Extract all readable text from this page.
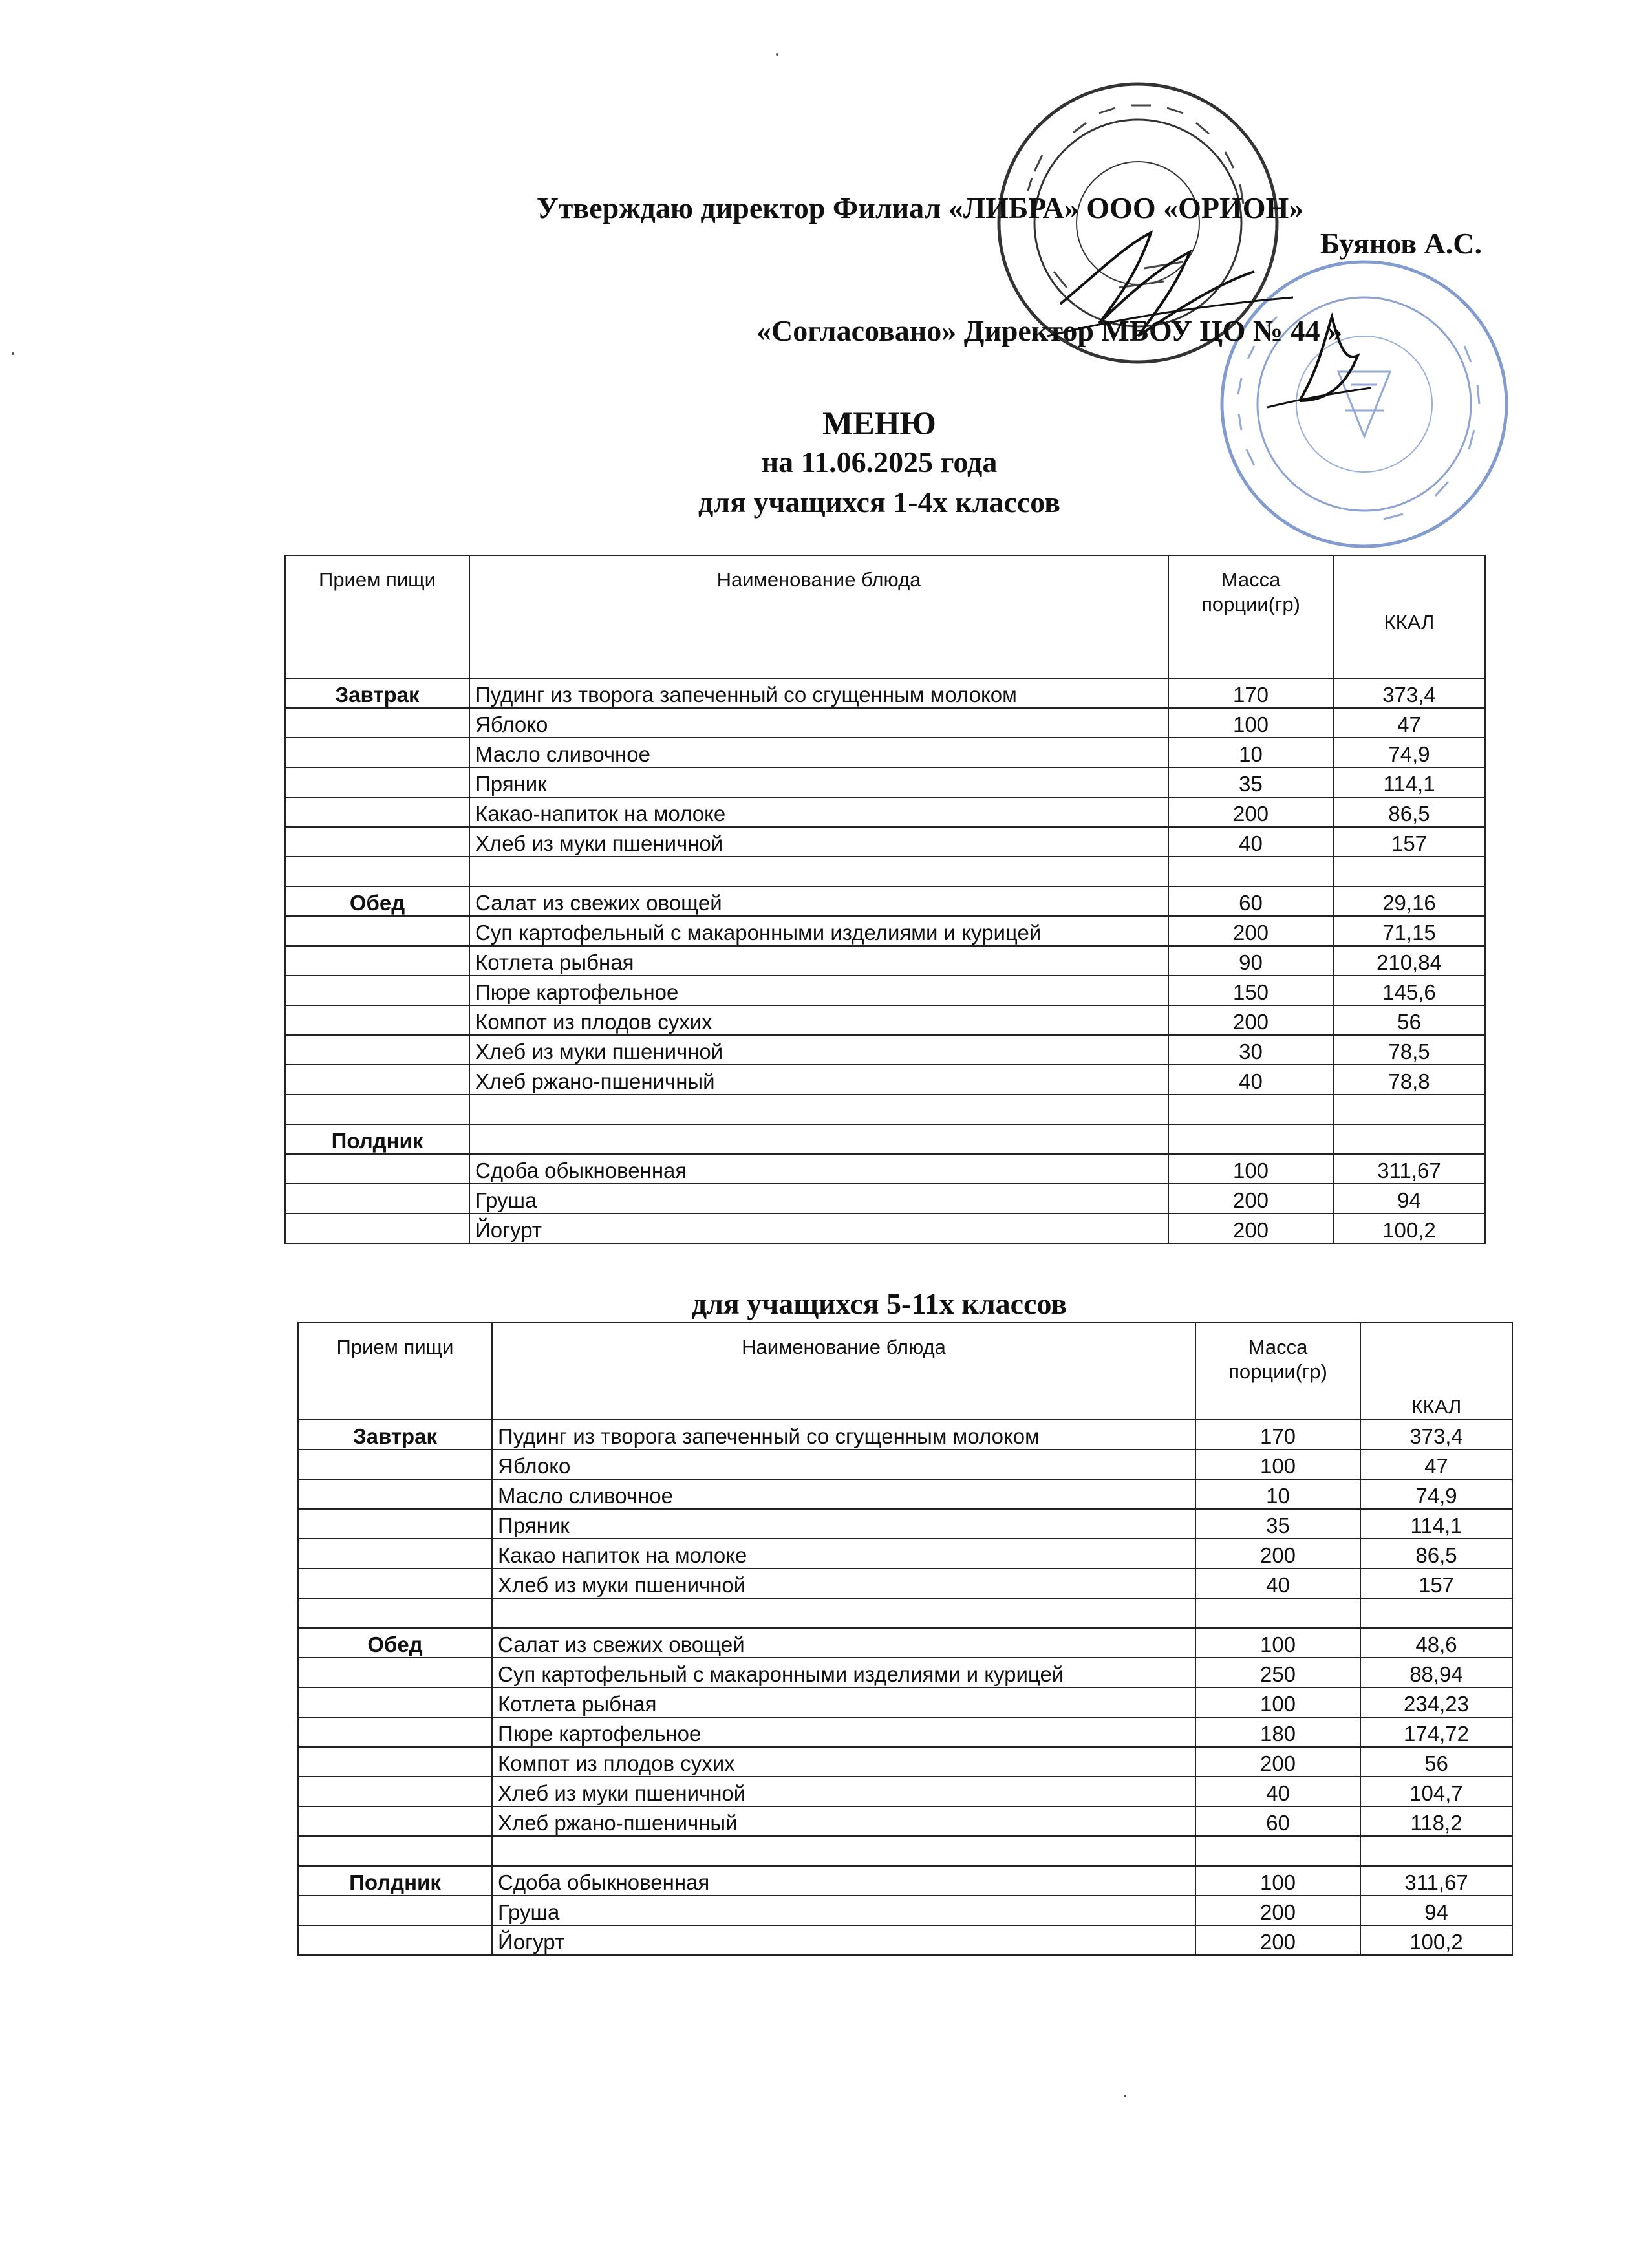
Утверждаю директор Филиал «ЛИБРА» ООО «ОРИОН»
Буянов А.С.
«Согласовано» Директор МБОУ ЦО № 44 »
МЕНЮ
на 11.06.2025 года
для учащихся 1-4х классов
Прием пищи	Наименование блюда	Масса порции(гр)	ККАЛ
Завтрак	Пудинг из творога запеченный со сгущенным молоком	170	373,4
	Яблоко	100	47
	Масло сливочное	10	74,9
	Пряник	35	114,1
	Какао-напиток на молоке	200	86,5
	Хлеб из муки пшеничной	40	157

Обед	Салат из свежих овощей	60	29,16
	Суп картофельный с макаронными изделиями и курицей	200	71,15
	Котлета рыбная	90	210,84
	Пюре картофельное	150	145,6
	Компот из плодов сухих	200	56
	Хлеб из муки пшеничной	30	78,5
	Хлеб ржано-пшеничный	40	78,8

Полдник			
	Сдоба обыкновенная	100	311,67
	Груша	200	94
	Йогурт	200	100,2
для учащихся 5-11х классов
Прием пищи	Наименование блюда	Масса порции(гр)	ККАЛ
Завтрак	Пудинг из творога запеченный со сгущенным молоком	170	373,4
	Яблоко	100	47
	Масло сливочное	10	74,9
	Пряник	35	114,1
	Какао напиток на молоке	200	86,5
	Хлеб из муки пшеничной	40	157

Обед	Салат из свежих овощей	100	48,6
	Суп картофельный с макаронными изделиями и курицей	250	88,94
	Котлета рыбная	100	234,23
	Пюре картофельное	180	174,72
	Компот из плодов сухих	200	56
	Хлеб из муки пшеничной	40	104,7
	Хлеб ржано-пшеничный	60	118,2

Полдник	Сдоба обыкновенная	100	311,67
	Груша	200	94
	Йогурт	200	100,2
